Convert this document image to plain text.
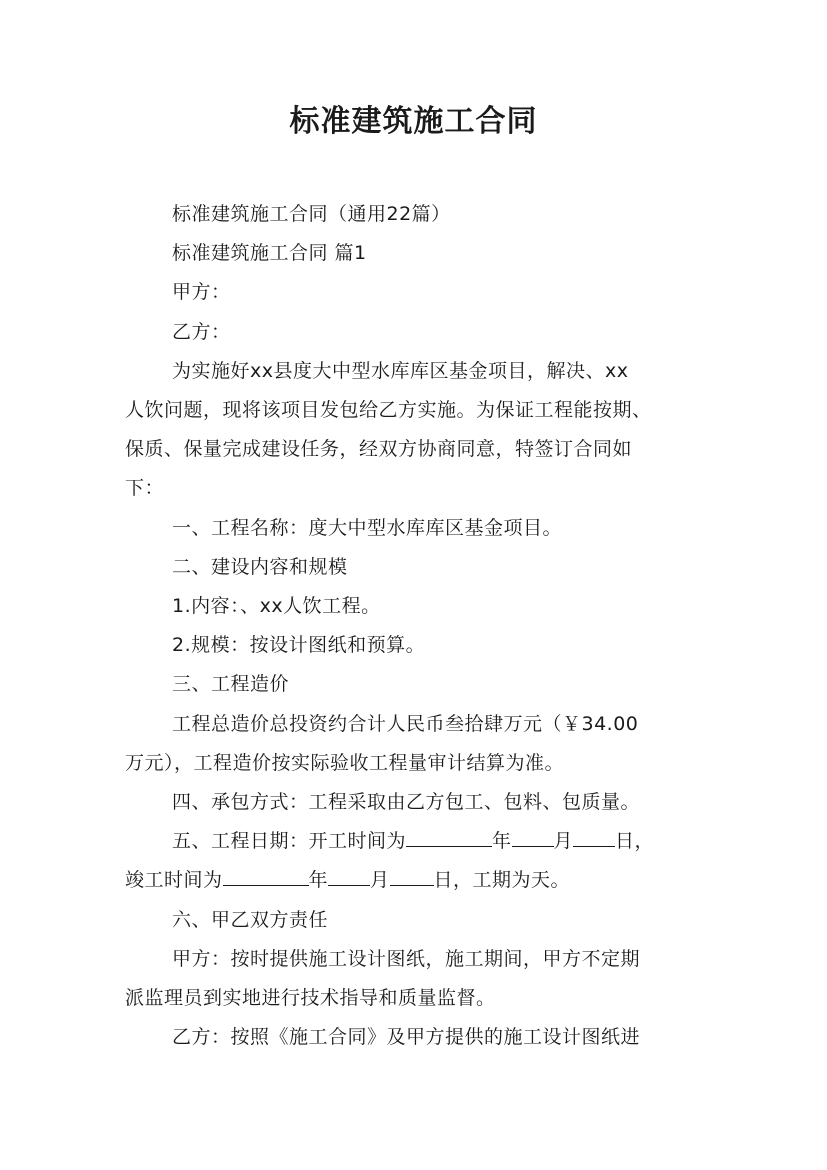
标准建筑施工合同
标准建筑施工合同（通用22篇）
标准建筑施工合同 篇1
甲方：
乙方：
为实施好xx县度大中型水库库区基金项目，解决、xx
人饮问题，现将该项目发包给乙方实施。为保证工程能按期、
保质、保量完成建设任务，经双方协商同意，特签订合同如
下：
一、工程名称：度大中型水库库区基金项目。
二、建设内容和规模
1.内容：、xx人饮工程。
2.规模：按设计图纸和预算。
三、工程造价
工程总造价总投资约合计人民币叁拾肆万元（￥34.00
万元），工程造价按实际验收工程量审计结算为准。
四、承包方式：工程采取由乙方包工、包料、包质量。
五、工程日期：开工时间为	年 月 日，
竣工时间为	年 月 日，工期为天。
六、甲乙双方责任
甲方：按时提供施工设计图纸，施工期间，甲方不定期
派监理员到实地进行技术指导和质量监督。
乙方：按照《施工合同》及甲方提供的施工设计图纸进
